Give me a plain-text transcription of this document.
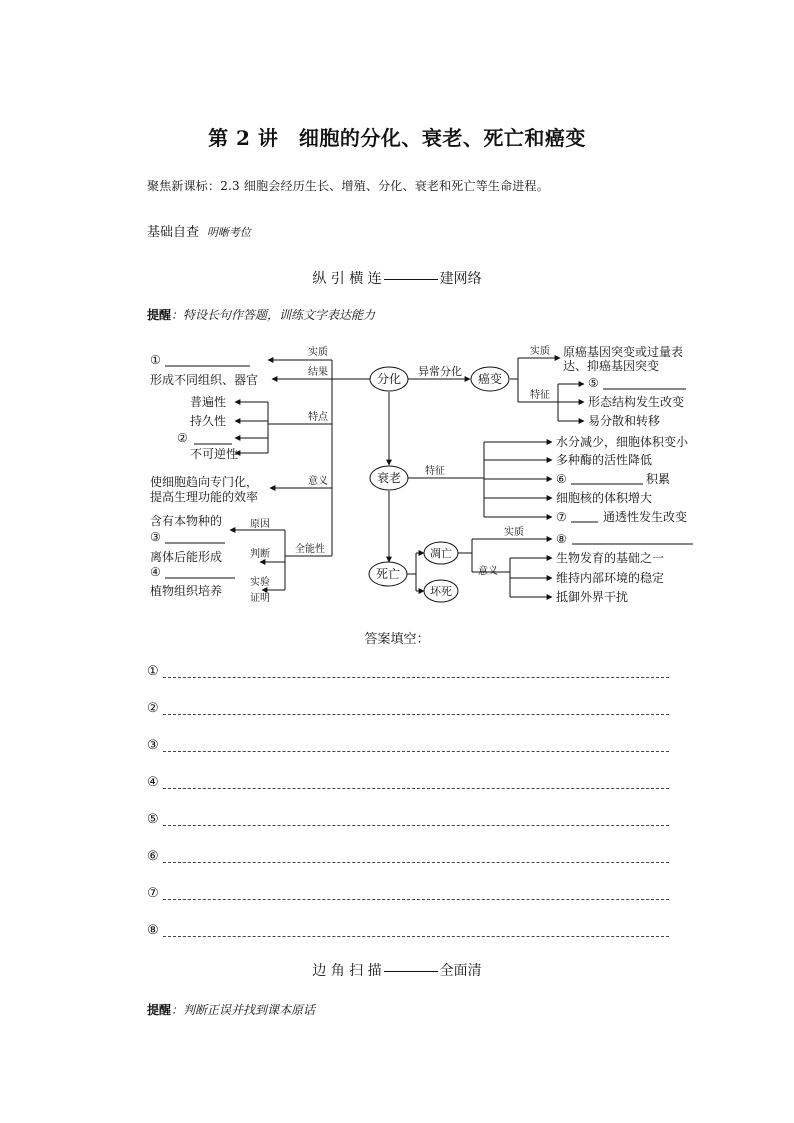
第 2 讲　细胞的分化、衰老、死亡和癌变
聚焦新课标：2.3 细胞会经历生长、增殖、分化、衰老和死亡等生命进程。
基础自查 明晰考位
纵 引 横 连	建网络
提醒：特设长句作答题，训练文字表达能力
分化	癌变
衰老
死亡
凋亡
坏死
实质
结果
特点
意义
全能性
原因
判断
实验
证明
异常分化
实质
特征
特征
实质
意义
①
形成不同组织、器官
普遍性
持久性
②
不可逆性
使细胞趋向专门化，
提高生理功能的效率
含有本物种的
③
离体后能形成
④
植物组织培养
原癌基因突变或过量表
达、抑癌基因突变
⑤
形态结构发生改变
易分散和转移
水分减少，细胞体积变小
多种酶的活性降低
⑥	积累
细胞核的体积增大
⑦	通透性发生改变
⑧
生物发育的基础之一
维持内部环境的稳定
抵御外界干扰
答案填空：
①
②
③
④
⑤
⑥
⑦
⑧
边 角 扫 描	全面清
提醒：判断正误并找到课本原话
